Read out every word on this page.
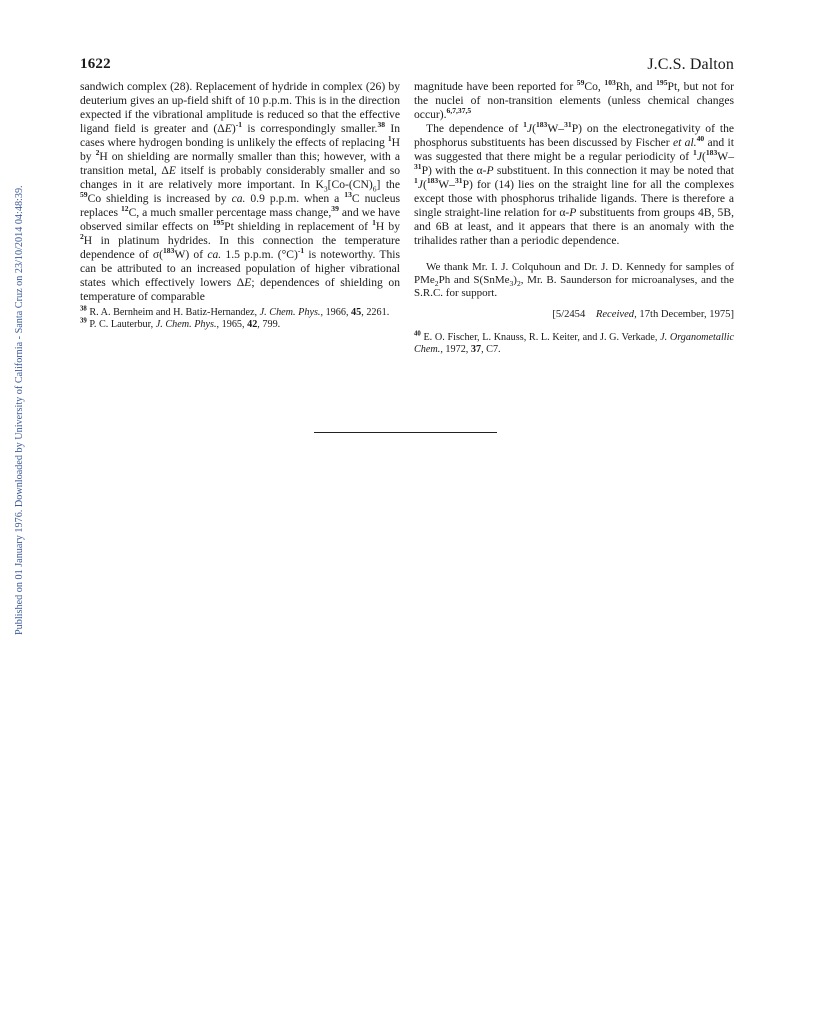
Published on 01 January 1976. Downloaded by University of California - Santa Cruz on 23/10/2014 04:48:39.
1622	J.C.S. Dalton

sandwich complex (28). Replacement of hydride in complex (26) by deuterium gives an up-field shift of 10 p.p.m. This is in the direction expected if the vibrational amplitude is reduced so that the effective ligand field is greater and $(\Delta E)^{-1}$ is correspondingly smaller.$^{38}$ In cases where hydrogen bonding is unlikely the effects of replacing $^1$H by $^2$H on shielding are normally smaller than this; however, with a transition metal, ΔE itself is probably considerably smaller and so changes in it are relatively more important. In $K_3[Co-(CN)_6]$ the $^{59}$Co shielding is increased by ca. 0.9 p.p.m. when a $^{13}$C nucleus replaces $^{12}$C, a much smaller percentage mass change,$^{39}$ and we have observed similar effects on $^{195}$Pt shielding in replacement of $^1$H by $^2$H in platinum hydrides. In this connection the temperature dependence of σ($^{183}$W) of ca. 1.5 p.p.m. $(^\circ C)^{-1}$ is noteworthy. This can be attributed to an increased population of higher vibrational states which effectively lowers ΔE; dependences of shielding on temperature of comparable

$^{38}$ R. A. Bernheim and H. Batiz-Hernandez, J. Chem. Phys., 1966, 45, 2261.

$^{39}$ P. C. Lauterbur, J. Chem. Phys., 1965, 42, 799.

magnitude have been reported for $^{59}$Co, $^{103}$Rh, and $^{195}$Pt, but not for the nuclei of non-transition elements (unless chemical changes occur).$^{6,7,37,5}$

The dependence of $^1$J($^{183}$W–$^{31}$P) on the electronegativity of the phosphorus substituents has been discussed by Fischer et al.$^{40}$ and it was suggested that there might be a regular periodicity of $^1$J($^{183}$W–$^{31}$P) with the α-P substituent. In this connection it may be noted that $^1$J($^{183}$W–$^{31}$P) for (14) lies on the straight line for all the complexes except those with phosphorus trihalide ligands. There is therefore a single straight-line relation for α-P substituents from groups 4B, 5B, and 6B at least, and it appears that there is an anomaly with the trihalides rather than a periodic dependence.

We thank Mr. I. J. Colquhoun and Dr. J. D. Kennedy for samples of PMe$_2$Ph and $S(SnMe_3)_2$, Mr. B. Saunderson for microanalyses, and the S.R.C. for support.

[5/2454 Received, 17th December, 1975]

$^{40}$ E. O. Fischer, L. Knauss, R. L. Keiter, and J. G. Verkade, J. Organometallic Chem., 1972, 37, C7.
